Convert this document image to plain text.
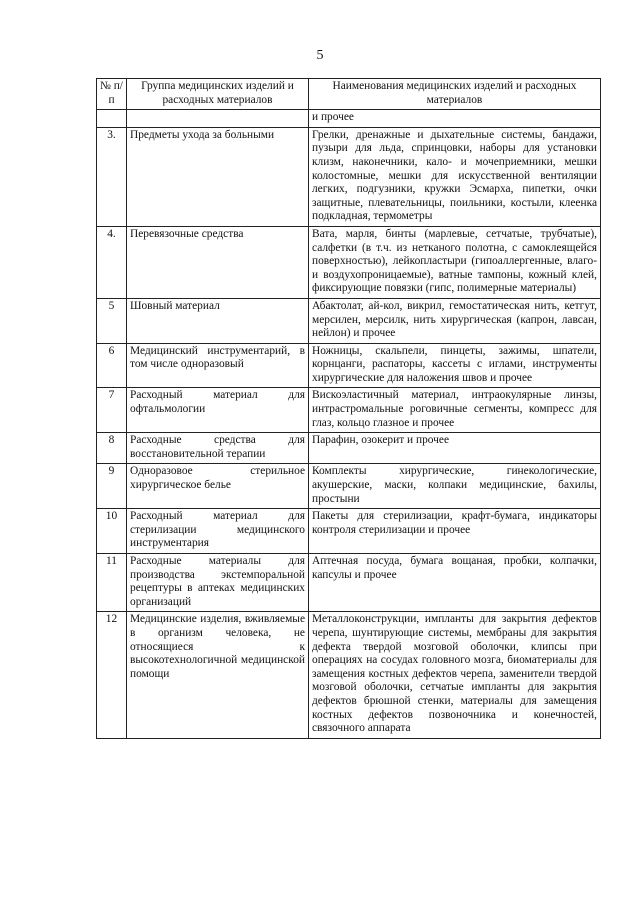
5
№ п/п	Группа медицинских изделий и расходных материалов	Наименования медицинских изделий и расходных материалов
		и прочее
3.	Предметы ухода за больными	Грелки, дренажные и дыхательные системы, бандажи, пузыри для льда, спринцовки, наборы для установки клизм, наконечники, кало- и мочеприемники, мешки колостомные, мешки для искусственной вентиляции легких, подгузники, кружки Эсмарха, пипетки, очки защитные, плевательницы, поильники, костыли, клеенка подкладная, термометры
4.	Перевязочные средства	Вата, марля, бинты (марлевые, сетчатые, трубчатые), салфетки (в т.ч. из нетканого полотна, с самоклеящейся поверхностью), лейкопластыри (гипоаллергенные, влаго- и воздухопроницаемые), ватные тампоны, кожный клей, фиксирующие повязки (гипс, полимерные материалы)
5	Шовный материал	Абактолат, ай-кол, викрил, гемостатическая нить, кетгут, мерсилен, мерсилк, нить хирургическая (капрон, лавсан, нейлон) и прочее
6	Медицинский инструментарий, в том числе одноразовый	Ножницы, скальпели, пинцеты, зажимы, шпатели, корнцанги, распаторы, кассеты с иглами, инструменты хирургические для наложения швов и прочее
7	Расходный материал для офтальмологии	Вискоэластичный материал, интраокулярные линзы, интрастромальные роговичные сегменты, компресс для глаз, кольцо глазное и прочее
8	Расходные средства для восстановительной терапии	Парафин, озокерит и прочее
9	Одноразовое стерильное хирургическое белье	Комплекты хирургические, гинекологические, акушерские, маски, колпаки медицинские, бахилы, простыни
10	Расходный материал для стерилизации медицинского инструментария	Пакеты для стерилизации, крафт-бумага, индикаторы контроля стерилизации и прочее
11	Расходные материалы для производства экстемпоральной рецептуры в аптеках медицинских организаций	Аптечная посуда, бумага вощаная, пробки, колпачки, капсулы и прочее
12	Медицинские изделия, вживляемые в организм человека, не относящиеся к высокотехнологичной медицинской помощи	Металлоконструкции, импланты для закрытия дефектов черепа, шунтирующие системы, мембраны для закрытия дефекта твердой мозговой оболочки, клипсы при операциях на сосудах головного мозга, биоматериалы для замещения костных дефектов черепа, заменители твердой мозговой оболочки, сетчатые импланты для закрытия дефектов брюшной стенки, материалы для замещения костных дефектов позвоночника и конечностей, связочного аппарата
